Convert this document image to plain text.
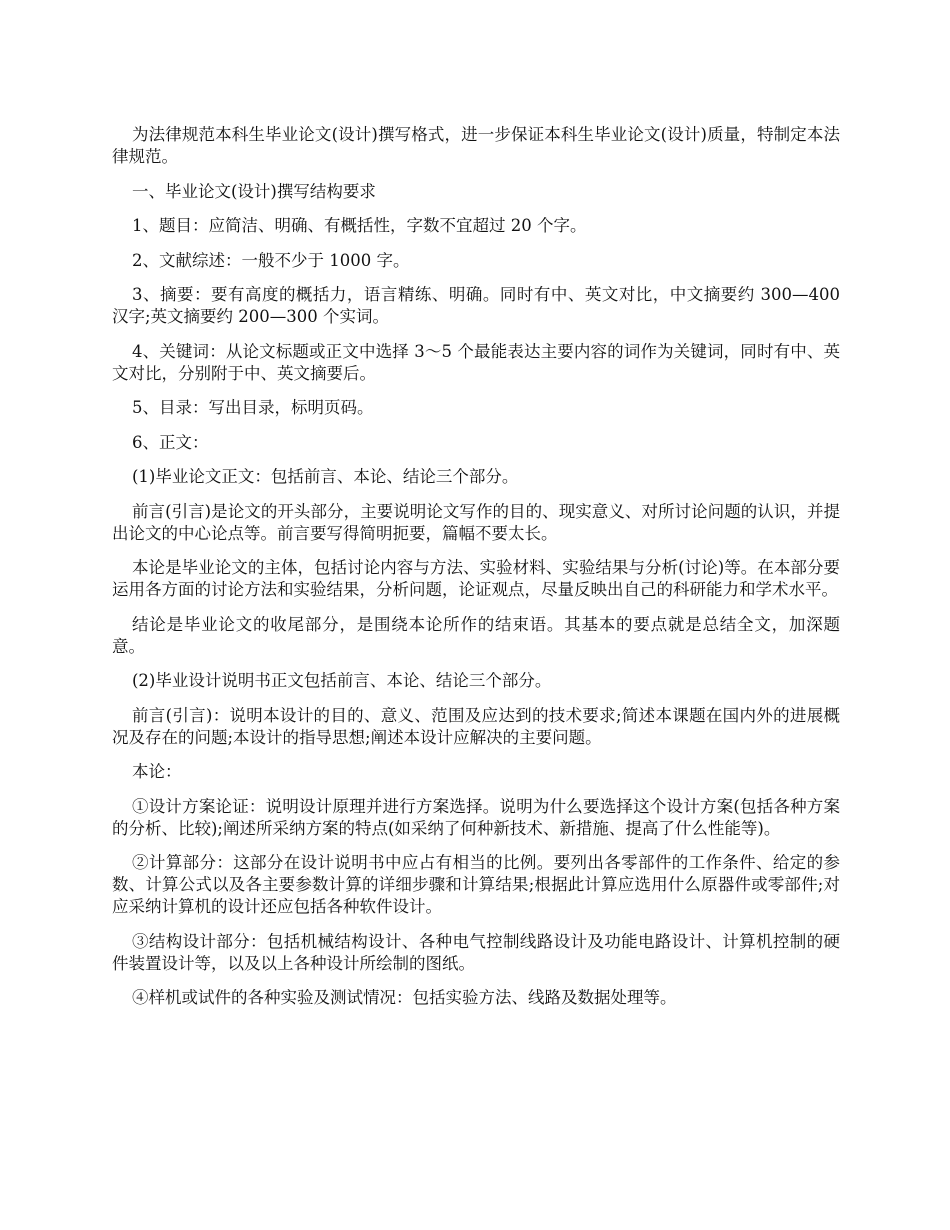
为法律规范本科生毕业论文(设计)撰写格式，进一步保证本科生毕业论文(设计)质量，特制定本法律规范。

一、毕业论文(设计)撰写结构要求

1、题目：应简洁、明确、有概括性，字数不宜超过 20 个字。

2、文献综述：一般不少于 1000 字。

3、摘要：要有高度的概括力，语言精练、明确。同时有中、英文对比，中文摘要约 300—400 汉字;英文摘要约 200—300 个实词。

4、关键词：从论文标题或正文中选择 3～5 个最能表达主要内容的词作为关键词，同时有中、英文对比，分别附于中、英文摘要后。

5、目录：写出目录，标明页码。

6、正文：

(1)毕业论文正文：包括前言、本论、结论三个部分。

前言(引言)是论文的开头部分，主要说明论文写作的目的、现实意义、对所讨论问题的认识，并提出论文的中心论点等。前言要写得简明扼要，篇幅不要太长。

本论是毕业论文的主体，包括讨论内容与方法、实验材料、实验结果与分析(讨论)等。在本部分要运用各方面的讨论方法和实验结果，分析问题，论证观点，尽量反映出自己的科研能力和学术水平。

结论是毕业论文的收尾部分，是围绕本论所作的结束语。其基本的要点就是总结全文，加深题意。

(2)毕业设计说明书正文包括前言、本论、结论三个部分。

前言(引言)：说明本设计的目的、意义、范围及应达到的技术要求;简述本课题在国内外的进展概况及存在的问题;本设计的指导思想;阐述本设计应解决的主要问题。

本论：

①设计方案论证：说明设计原理并进行方案选择。说明为什么要选择这个设计方案(包括各种方案的分析、比较);阐述所采纳方案的特点(如采纳了何种新技术、新措施、提高了什么性能等)。

②计算部分：这部分在设计说明书中应占有相当的比例。要列出各零部件的工作条件、给定的参数、计算公式以及各主要参数计算的详细步骤和计算结果;根据此计算应选用什么原器件或零部件;对应采纳计算机的设计还应包括各种软件设计。

③结构设计部分：包括机械结构设计、各种电气控制线路设计及功能电路设计、计算机控制的硬件装置设计等，以及以上各种设计所绘制的图纸。

④样机或试件的各种实验及测试情况：包括实验方法、线路及数据处理等。
